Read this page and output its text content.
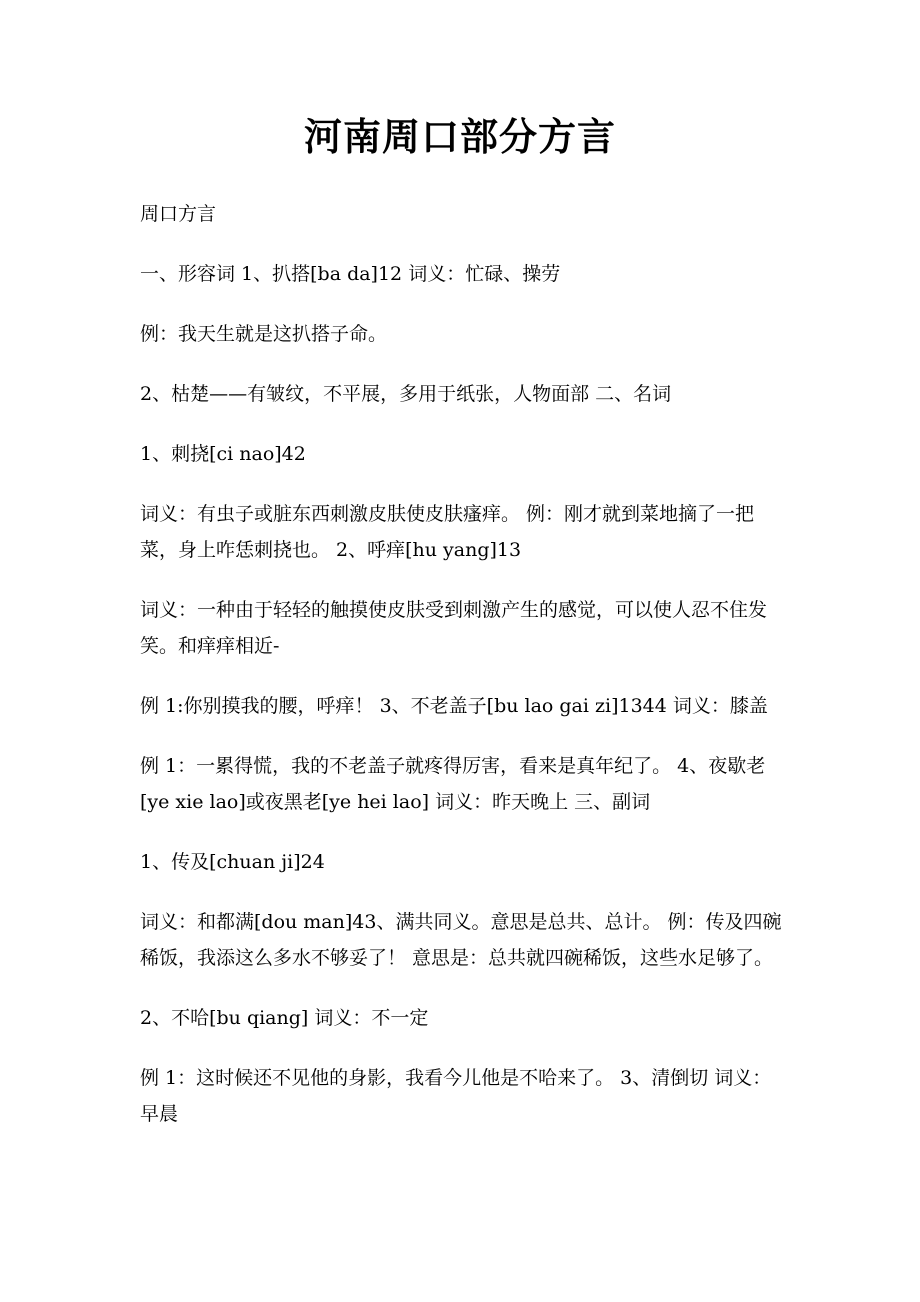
河南周口部分方言

周口方言

一、形容词 1、扒搭[ba da]12 词义：忙碌、操劳

例：我天生就是这扒搭子命。

2、枯楚——有皱纹，不平展，多用于纸张，人物面部 二、名词

1、刺挠[ci nao]42

词义：有虫子或脏东西刺激皮肤使皮肤瘙痒。 例：刚才就到菜地摘了一把菜，身上咋恁刺挠也。 2、呼痒[hu yang]13

词义：一种由于轻轻的触摸使皮肤受到刺激产生的感觉，可以使人忍不住发笑。和痒痒相近-

例 1:你别摸我的腰，呼痒！ 3、不老盖子[bu lao gai zi]1344 词义：膝盖

例 1：一累得慌，我的不老盖子就疼得厉害，看来是真年纪了。 4、夜歇老[ye xie lao]或夜黑老[ye hei lao] 词义：昨天晚上 三、副词

1、传及[chuan ji]24

词义：和都满[dou man]43、满共同义。意思是总共、总计。 例：传及四碗稀饭，我添这么多水不够妥了！ 意思是：总共就四碗稀饭，这些水足够了。

2、不哈[bu qiang] 词义：不一定

例 1：这时候还不见他的身影，我看今儿他是不哈来了。 3、清倒切 词义：早晨
